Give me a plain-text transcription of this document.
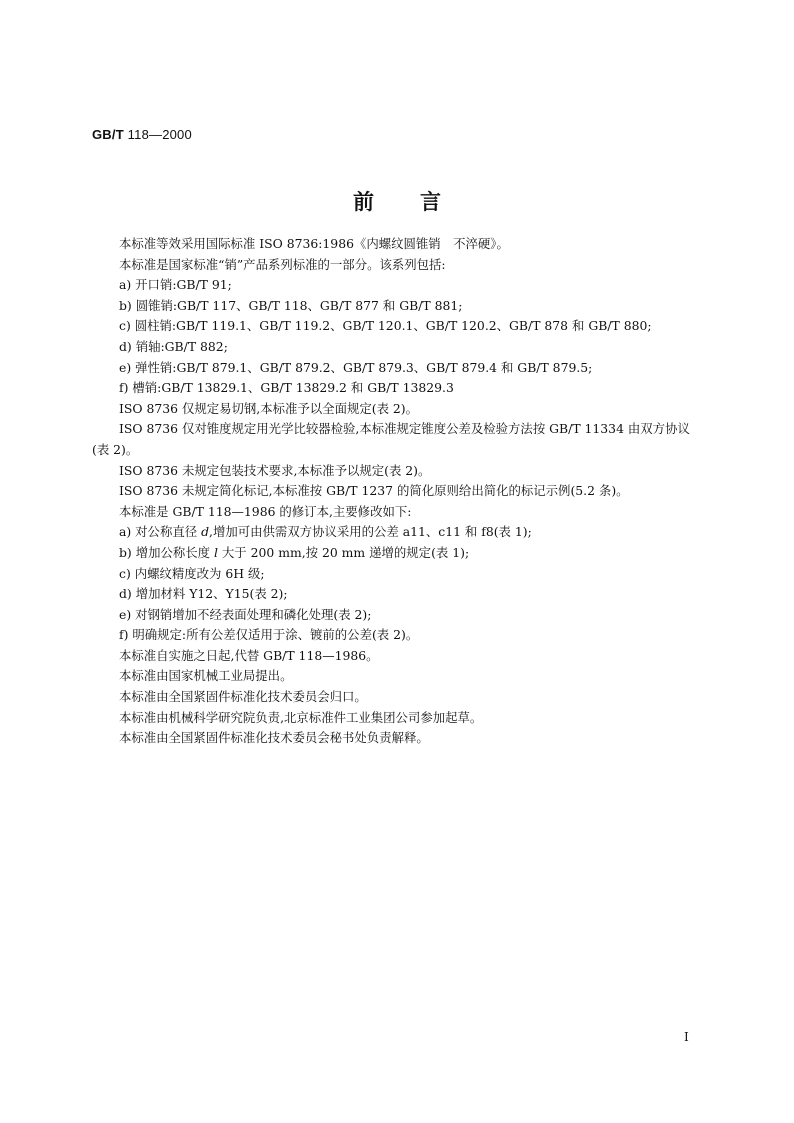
GB/T 118—2000
前言

本标准等效采用国际标准 ISO 8736:1986《内螺纹圆锥销　不淬硬》。

本标准是国家标准“销”产品系列标准的一部分。该系列包括:

a) 开口销:GB/T 91;

b) 圆锥销:GB/T 117、GB/T 118、GB/T 877 和 GB/T 881;

c) 圆柱销:GB/T 119.1、GB/T 119.2、GB/T 120.1、GB/T 120.2、GB/T 878 和 GB/T 880;

d) 销轴:GB/T 882;

e) 弹性销:GB/T 879.1、GB/T 879.2、GB/T 879.3、GB/T 879.4 和 GB/T 879.5;

f) 槽销:GB/T 13829.1、GB/T 13829.2 和 GB/T 13829.3

ISO 8736 仅规定易切钢,本标准予以全面规定(表 2)。

ISO 8736 仅对锥度规定用光学比较器检验,本标准规定锥度公差及检验方法按 GB/T 11334 由双方协议(表 2)。

ISO 8736 未规定包装技术要求,本标准予以规定(表 2)。

ISO 8736 未规定简化标记,本标准按 GB/T 1237 的简化原则给出简化的标记示例(5.2 条)。

本标准是 GB/T 118—1986 的修订本,主要修改如下:

a) 对公称直径 d,增加可由供需双方协议采用的公差 a11、c11 和 f8(表 1);

b) 增加公称长度 l 大于 200 mm,按 20 mm 递增的规定(表 1);

c) 内螺纹精度改为 6H 级;

d) 增加材料 Y12、Y15(表 2);

e) 对钢销增加不经表面处理和磷化处理(表 2);

f) 明确规定:所有公差仅适用于涂、镀前的公差(表 2)。

本标准自实施之日起,代替 GB/T 118—1986。

本标准由国家机械工业局提出。

本标准由全国紧固件标准化技术委员会归口。

本标准由机械科学研究院负责,北京标准件工业集团公司参加起草。

本标准由全国紧固件标准化技术委员会秘书处负责解释。

I
